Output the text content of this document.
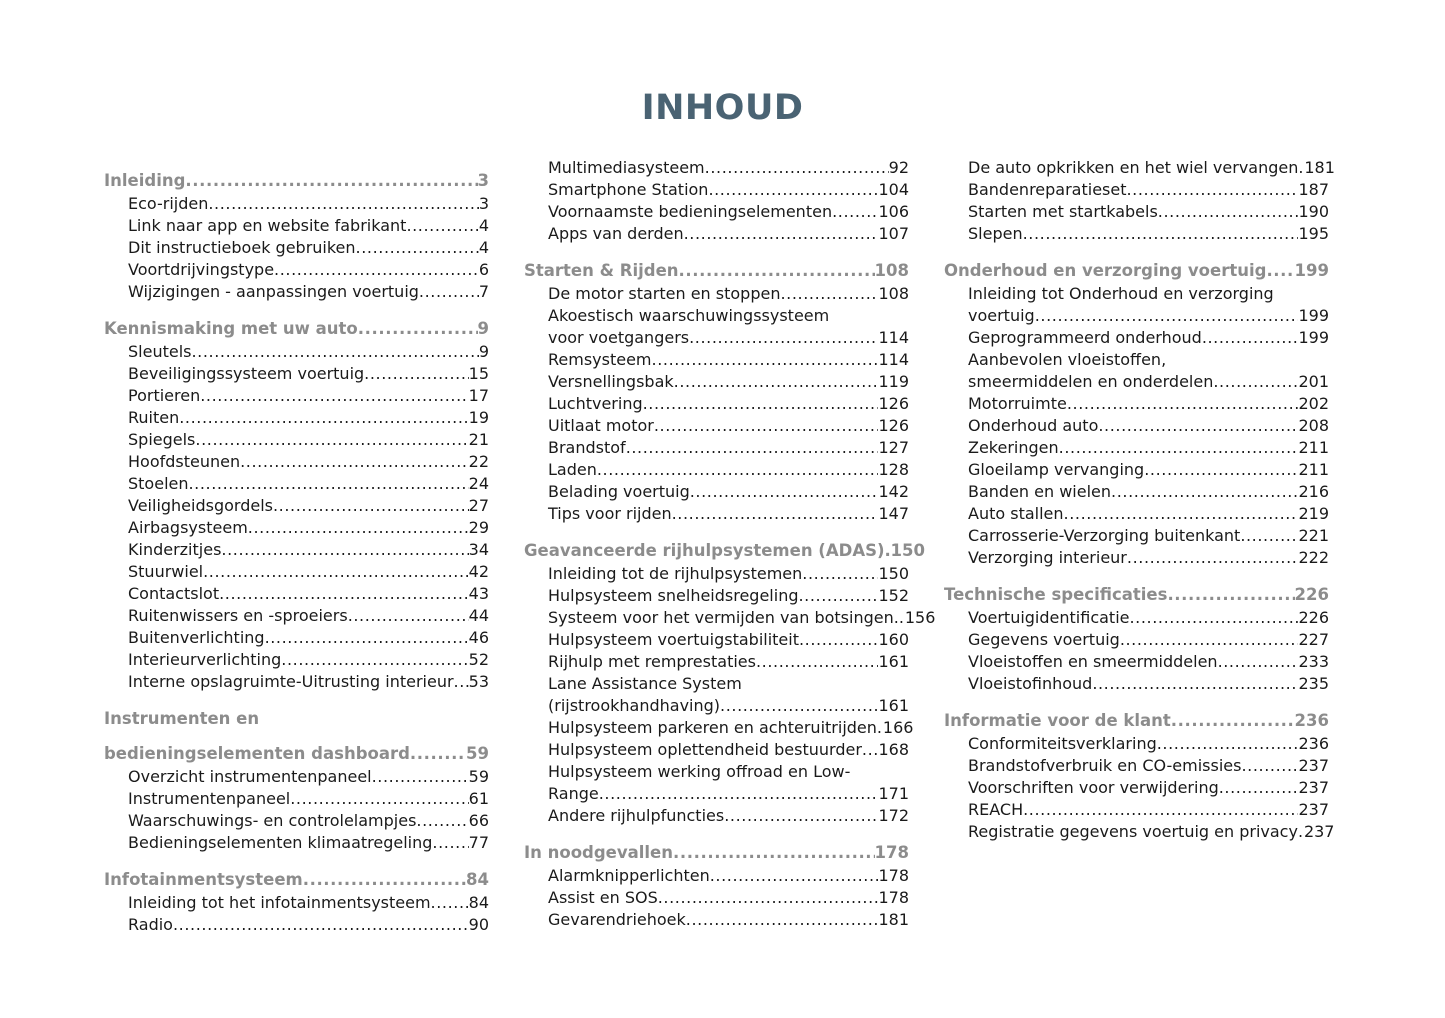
INHOUD
Inleiding .....	3
Eco-rijden .....	3
Link naar app en website fabrikant .....	4
Dit instructieboek gebruiken .....	4
Voortdrijvingstype .....	6
Wijzigingen - aanpassingen voertuig .....	7
Kennismaking met uw auto .....	9
Sleutels .....	9
Beveiligingssysteem voertuig .....	15
Portieren .....	17
Ruiten .....	19
Spiegels .....	21
Hoofdsteunen .....	22
Stoelen .....	24
Veiligheidsgordels .....	27
Airbagsysteem .....	29
Kinderzitjes .....	34
Stuurwiel .....	42
Contactslot .....	43
Ruitenwissers en -sproeiers .....	44
Buitenverlichting .....	46
Interieurverlichting .....	52
Interne opslagruimte-Uitrusting interieur ..... 53
Instrumenten en
bedieningselementen dashboard .....	59
Overzicht instrumentenpaneel .....	59
Instrumentenpaneel .....	61
Waarschuwings- en controlelampjes .....	66
Bedieningselementen klimaatregeling ..... 77
Infotainmentsysteem .....	84
Inleiding tot het infotainmentsysteem ..... 84
Radio .....	90
Multimediasysteem .....	92
Smartphone Station .....	104
Voornaamste bedieningselementen .....	106
Apps van derden .....	107
Starten & Rijden .....	108
De motor starten en stoppen .....	108
Akoestisch waarschuwingssysteem
voor voetgangers .....	114
Remsysteem .....	114
Versnellingsbak .....	119
Luchtvering .....	126
Uitlaat motor .....	126
Brandstof .....	127
Laden .....	128
Belading voertuig .....	142
Tips voor rijden .....	147
Geavanceerde rijhulpsystemen (ADAS) ..... 150
Inleiding tot de rijhulpsystemen .....	150
Hulpsysteem snelheidsregeling .....	152
Systeem voor het vermijden van botsingen. ..... 156
Hulpsysteem voertuigstabiliteit .....	160
Rijhulp met remprestaties .....	161
Lane Assistance System
(rijstrookhandhaving) .....	161
Hulpsysteem parkeren en achteruitrijden ..... 166
Hulpsysteem oplettendheid bestuurder ..... 168
Hulpsysteem werking offroad en Low-
Range .....	171
Andere rijhulpfuncties .....	172
In noodgevallen .....	178
Alarmknipperlichten .....	178
Assist en SOS .....	178
Gevarendriehoek .....	181
De auto opkrikken en het wiel vervangen ..... 181
Bandenreparatieset .....	187
Starten met startkabels .....	190
Slepen .....	195
Onderhoud en verzorging voertuig ..... 199
Inleiding tot Onderhoud en verzorging
voertuig .....	199
Geprogrammeerd onderhoud .....	199
Aanbevolen vloeistoffen,
smeermiddelen en onderdelen .....	201
Motorruimte .....	202
Onderhoud auto .....	208
Zekeringen .....	211
Gloeilamp vervanging .....	211
Banden en wielen .....	216
Auto stallen .....	219
Carrosserie-Verzorging buitenkant .....	221
Verzorging interieur .....	222
Technische specificaties .....	226
Voertuigidentificatie .....	226
Gegevens voertuig .....	227
Vloeistoffen en smeermiddelen .....	233
Vloeistofinhoud .....	235
Informatie voor de klant .....	236
Conformiteitsverklaring .....	236
Brandstofverbruik en CO-emissies .....	237
Voorschriften voor verwijdering .....	237
REACH .....	237
Registratie gegevens voertuig en privacy ..... 237
